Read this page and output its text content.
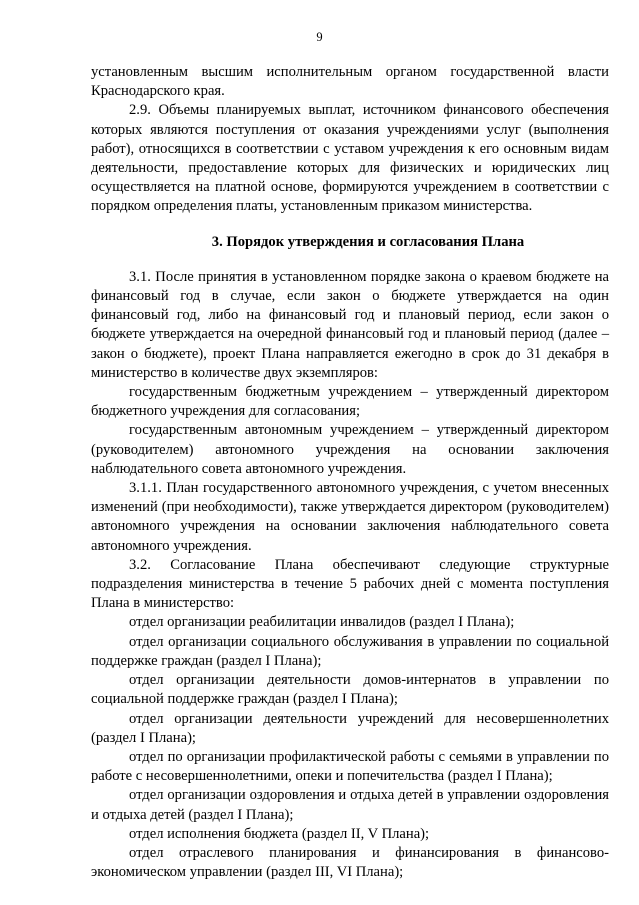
9

установленным высшим исполнительным органом государственной власти Краснодарского края.

2.9. Объемы планируемых выплат, источником финансового обеспечения которых являются поступления от оказания учреждениями услуг (выполнения работ), относящихся в соответствии с уставом учреждения к его основным видам деятельности, предоставление которых для физических и юридических лиц осуществляется на платной основе, формируются учреждением в соответствии с порядком определения платы, установленным приказом министерства.

3. Порядок утверждения и согласования Плана

3.1. После принятия в установленном порядке закона о краевом бюджете на финансовый год в случае, если закон о бюджете утверждается на один финансовый год, либо на финансовый год и плановый период, если закон о бюджете утверждается на очередной финансовый год и плановый период (далее – закон о бюджете), проект Плана направляется ежегодно в срок до 31 декабря в министерство в количестве двух экземпляров:

государственным бюджетным учреждением – утвержденный директором бюджетного учреждения для согласования;

государственным автономным учреждением – утвержденный директором (руководителем) автономного учреждения на основании заключения наблюдательного совета автономного учреждения.

3.1.1. План государственного автономного учреждения, с учетом внесенных изменений (при необходимости), также утверждается директором (руководителем) автономного учреждения на основании заключения наблюдательного совета автономного учреждения.

3.2. Согласование Плана обеспечивают следующие структурные подразделения министерства в течение 5 рабочих дней с момента поступления Плана в министерство:

отдел организации реабилитации инвалидов (раздел I Плана);

отдел организации социального обслуживания в управлении по социальной поддержке граждан (раздел I Плана);

отдел организации деятельности домов-интернатов в управлении по социальной поддержке граждан (раздел I Плана);

отдел организации деятельности учреждений для несовершеннолетних (раздел I Плана);

отдел по организации профилактической работы с семьями в управлении по работе с несовершеннолетними, опеки и попечительства (раздел I Плана);

отдел организации оздоровления и отдыха детей в управлении оздоровления и отдыха детей (раздел I Плана);

отдел исполнения бюджета (раздел II, V Плана);

отдел отраслевого планирования и финансирования в финансово-экономическом управлении (раздел III, VI Плана);
